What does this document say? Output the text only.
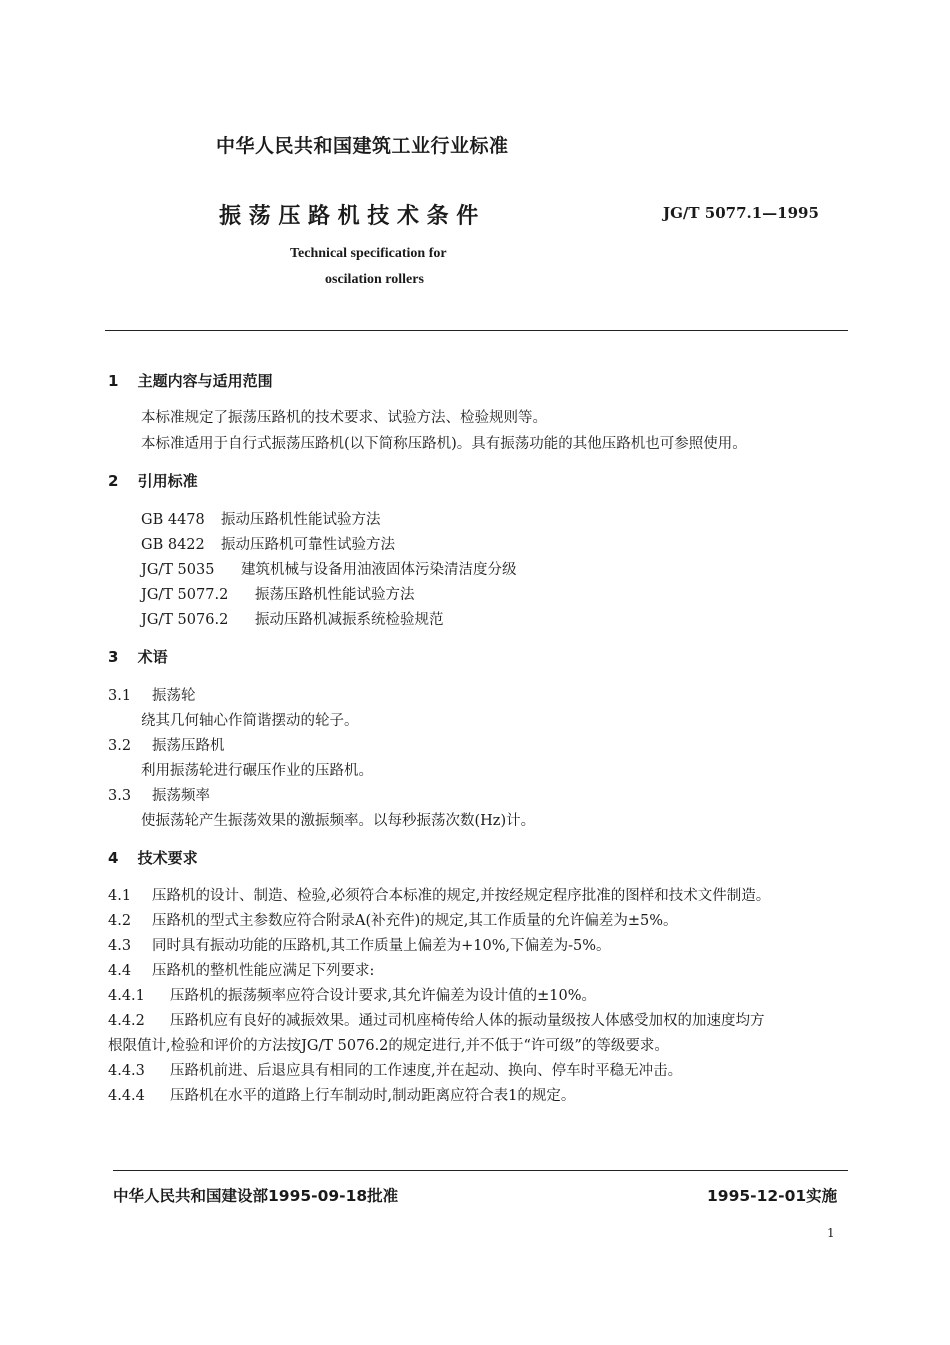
中华人民共和国建筑工业行业标准
振 荡 压 路 机 技 术 条 件	JG/T 5077.1—1995
Technical specification for
oscilation rollers
1 主题内容与适用范围
本标准规定了振荡压路机的技术要求、试验方法、检验规则等。
本标准适用于自行式振荡压路机(以下简称压路机)。具有振荡功能的其他压路机也可参照使用。
2 引用标准
GB 4478 振动压路机性能试验方法
GB 8422 振动压路机可靠性试验方法
JG/T 5035 建筑机械与设备用油液固体污染清洁度分级
JG/T 5077.2 振荡压路机性能试验方法
JG/T 5076.2 振动压路机减振系统检验规范
3 术语
3.1 振荡轮
绕其几何轴心作简谐摆动的轮子。
3.2 振荡压路机
利用振荡轮进行碾压作业的压路机。
3.3 振荡频率
使振荡轮产生振荡效果的激振频率。以每秒振荡次数(Hz)计。
4 技术要求
4.1 压路机的设计、制造、检验,必须符合本标准的规定,并按经规定程序批准的图样和技术文件制造。
4.2 压路机的型式主参数应符合附录A(补充件)的规定,其工作质量的允许偏差为±5%。
4.3 同时具有振动功能的压路机,其工作质量上偏差为+10%,下偏差为-5%。
4.4 压路机的整机性能应满足下列要求:
4.4.1 压路机的振荡频率应符合设计要求,其允许偏差为设计值的±10%。
4.4.2 压路机应有良好的减振效果。通过司机座椅传给人体的振动量级按人体感受加权的加速度均方
根限值计,检验和评价的方法按JG/T 5076.2的规定进行,并不低于“许可级”的等级要求。
4.4.3 压路机前进、后退应具有相同的工作速度,并在起动、换向、停车时平稳无冲击。
4.4.4 压路机在水平的道路上行车制动时,制动距离应符合表1的规定。
中华人民共和国建设部1995-09-18批准	1995-12-01实施
1
